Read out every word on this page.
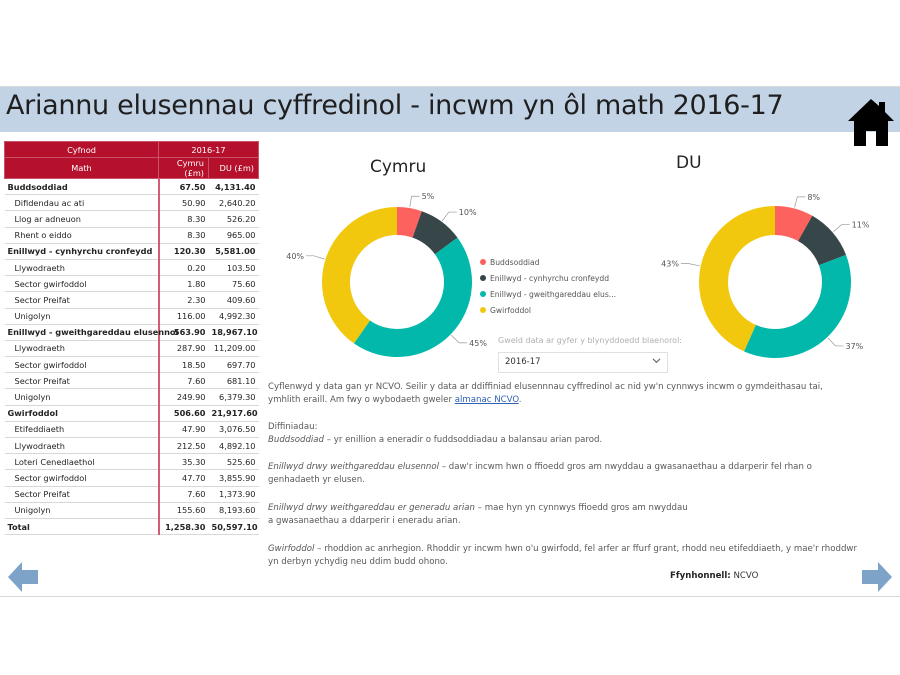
Ariannu elusennau cyffredinol - incwm yn ôl math 2016-17
Cyfnod	2016-17	
Math	Cymru (£m)	DU (£m)
Buddsoddiad	67.50	4,131.40
Difidendau ac ati	50.90	2,640.20
Llog ar adneuon	8.30	526.20
Rhent o eiddo	8.30	965.00
Enillwyd - cynhyrchu cronfeydd	120.30	5,581.00
Llywodraeth	0.20	103.50
Sector gwirfoddol	1.80	75.60
Sector Preifat	2.30	409.60
Unigolyn	116.00	4,992.30
Enillwyd - gweithgareddau elusennol	563.90	18,967.10
Llywodraeth	287.90	11,209.00
Sector gwirfoddol	18.50	697.70
Sector Preifat	7.60	681.10
Unigolyn	249.90	6,379.30
Gwirfoddol	506.60	21,917.60
Etifeddiaeth	47.90	3,076.50
Llywodraeth	212.50	4,892.10
Loteri Cenedlaethol	35.30	525.60
Sector gwirfoddol	47.70	3,855.90
Sector Preifat	7.60	1,373.90
Unigolyn	155.60	8,193.60
Total	1,258.30	50,597.10
Cymru	DU
5%
10%
45%
40%
8%
11%
37%
43%
Buddsoddiad
Enillwyd - cynhyrchu cronfeydd
Enillwyd - gweithgareddau elus...
Gwirfoddol
Gweld data ar gyfer y blynyddoedd blaenorol:
2016-17
Cyflenwyd y data gan yr NCVO. Seilir y data ar ddiffiniad elusennnau cyffredinol ac nid yw'n cynnwys incwm o gymdeithasau tai, ymhlith eraill. Am fwy o wybodaeth gweler almanac NCVO.
Diffiniadau:
Buddsoddiad – yr enillion a eneradir o fuddsoddiadau a balansau arian parod.
Enillwyd drwy weithgareddau elusennol – daw'r incwm hwn o ffioedd gros am nwyddau a gwasanaethau a ddarperir fel rhan o genhadaeth yr elusen.
Enillwyd drwy weithgareddau er generadu arian – mae hyn yn cynnwys ffioedd gros am nwyddau a gwasanaethau a ddarperir i eneradu arian.
Gwirfoddol – rhoddion ac anrhegion. Rhoddir yr incwm hwn o'u gwirfodd, fel arfer ar ffurf grant, rhodd neu etifeddiaeth, y mae'r rhoddwr yn derbyn ychydig neu ddim budd ohono.
Ffynhonnell: NCVO
